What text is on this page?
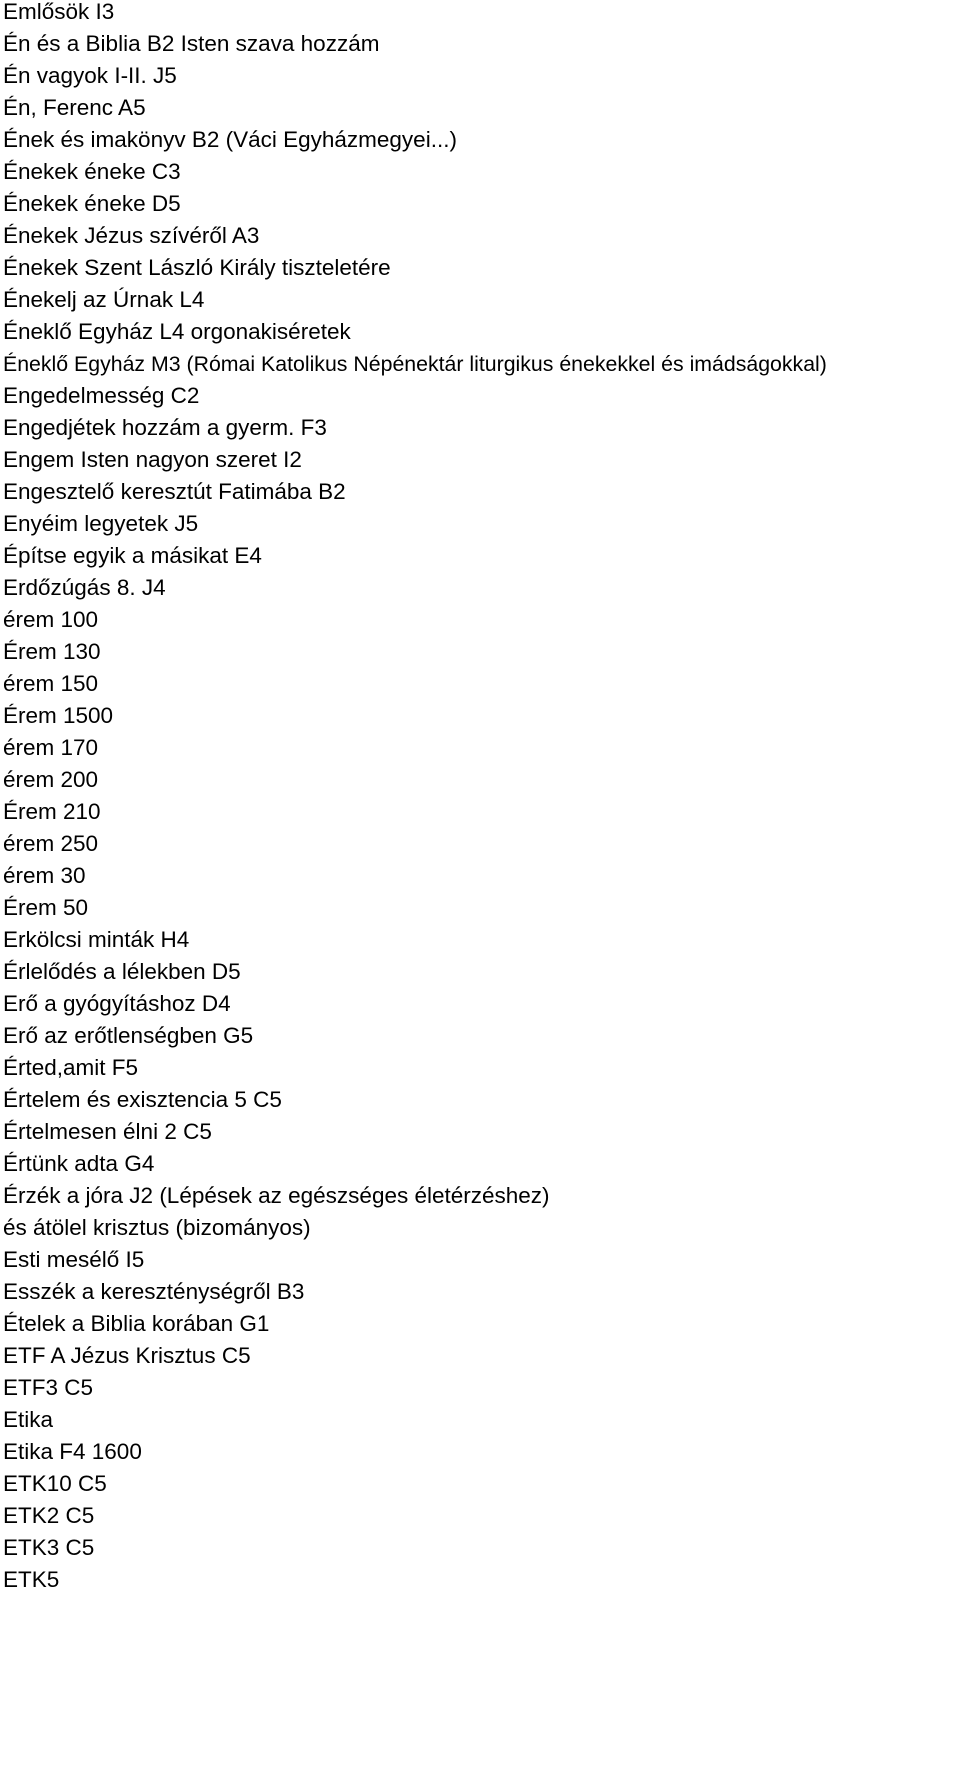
Emlősök I3
Én és a Biblia B2 Isten szava hozzám
Én vagyok I-II. J5
Én, Ferenc A5
Ének és imakönyv B2 (Váci Egyházmegyei...)
Énekek éneke C3
Énekek éneke D5
Énekek Jézus szívéről A3
Énekek Szent László Király tiszteletére
Énekelj az Úrnak L4
Éneklő Egyház L4 orgonakiséretek
Éneklő Egyház M3 (Római Katolikus Népénektár liturgikus énekekkel és imádságokkal)
Engedelmesség C2
Engedjétek hozzám a gyerm. F3
Engem Isten nagyon szeret I2
Engesztelő keresztút Fatimába B2
Enyéim legyetek J5
Építse egyik a másikat E4
Erdőzúgás 8. J4
érem 100
Érem 130
érem 150
Érem 1500
érem 170
érem 200
Érem 210
érem 250
érem 30
Érem 50
Erkölcsi minták H4
Érlelődés a lélekben D5
Erő a gyógyításhoz D4
Erő az erőtlenségben G5
Érted,amit F5
Értelem és exisztencia 5 C5
Értelmesen élni 2 C5
Értünk adta G4
Érzék a jóra J2 (Lépések az egészséges életérzéshez)
és átölel krisztus (bizományos)
Esti mesélő I5
Esszék a kereszténységről B3
Ételek a Biblia korában G1
ETF A Jézus Krisztus C5
ETF3 C5
Etika
Etika F4 1600
ETK10 C5
ETK2 C5
ETK3 C5
ETK5
